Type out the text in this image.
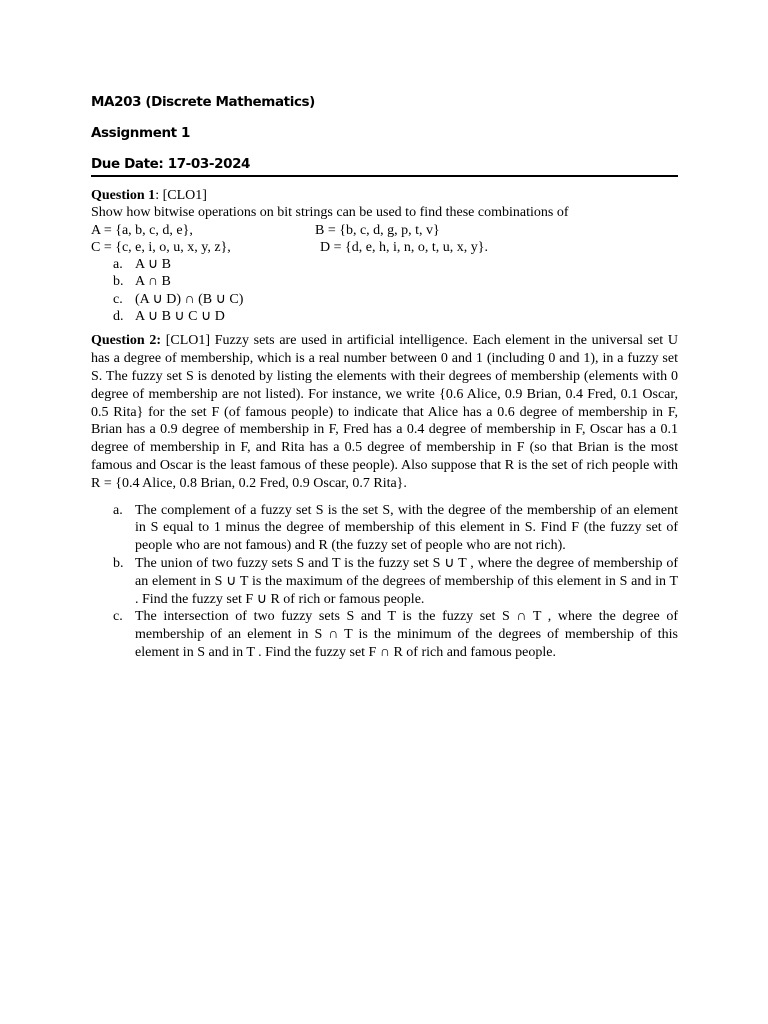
MA203 (Discrete Mathematics)
Assignment 1
Due Date: 17-03-2024
Question 1: [CLO1]
Show how bitwise operations on bit strings can be used to find these combinations of
A = {a, b, c, d, e},	B = {b, c, d, g, p, t, v}
C = {c, e, i, o, u, x, y, z},	D = {d, e, h, i, n, o, t, u, x, y}.
a. A ∪ B
b. A ∩ B
c. (A ∪ D) ∩ (B ∪ C)
d. A ∪ B ∪ C ∪ D
Question 2: [CLO1] Fuzzy sets are used in artificial intelligence. Each element in the universal set U has a degree of membership, which is a real number between 0 and 1 (including 0 and 1), in a fuzzy set S. The fuzzy set S is denoted by listing the elements with their degrees of membership (elements with 0 degree of membership are not listed). For instance, we write {0.6 Alice, 0.9 Brian, 0.4 Fred, 0.1 Oscar, 0.5 Rita} for the set F (of famous people) to indicate that Alice has a 0.6 degree of membership in F, Brian has a 0.9 degree of membership in F, Fred has a 0.4 degree of membership in F, Oscar has a 0.1 degree of membership in F, and Rita has a 0.5 degree of membership in F (so that Brian is the most famous and Oscar is the least famous of these people). Also suppose that R is the set of rich people with R = {0.4 Alice, 0.8 Brian, 0.2 Fred, 0.9 Oscar, 0.7 Rita}.
a. The complement of a fuzzy set S is the set S, with the degree of the membership of an element in S equal to 1 minus the degree of membership of this element in S. Find F (the fuzzy set of people who are not famous) and R (the fuzzy set of people who are not rich).
b. The union of two fuzzy sets S and T is the fuzzy set S ∪ T , where the degree of membership of an element in S ∪ T is the maximum of the degrees of membership of this element in S and in T . Find the fuzzy set F ∪ R of rich or famous people.
c. The intersection of two fuzzy sets S and T is the fuzzy set S ∩ T , where the degree of membership of an element in S ∩ T is the minimum of the degrees of membership of this element in S and in T . Find the fuzzy set F ∩ R of rich and famous people.
